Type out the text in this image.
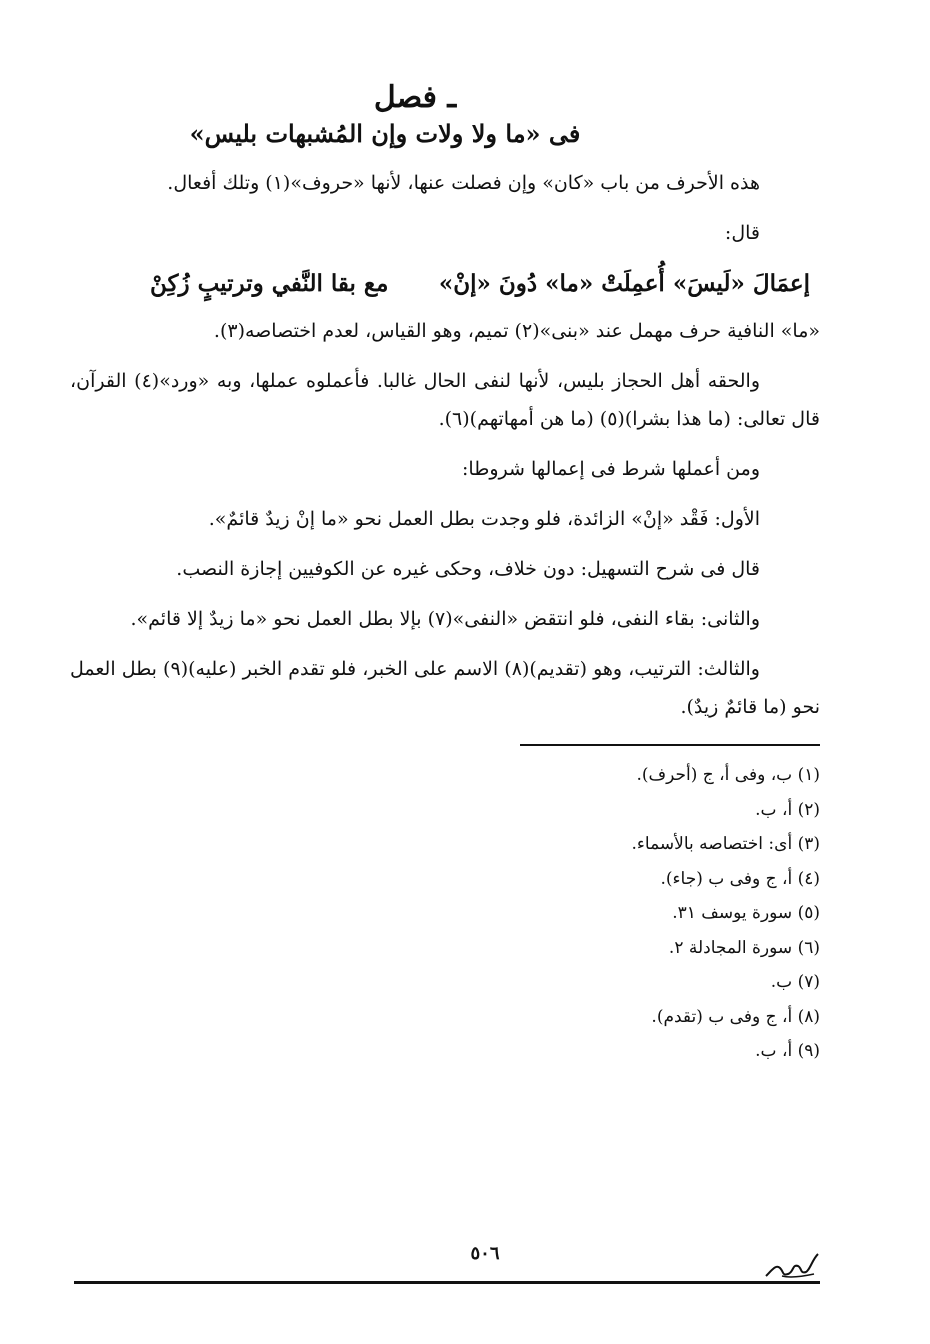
ـ فصل
فى «ما ولا ولات وإن المُشبهات بليس»

هذه الأحرف من باب «كان» وإن فصلت عنها، لأنها «حروف»(١) وتلك أفعال.

قال:

إعمَالَ «لَيسَ» أُعمِلَتْ «ما» دُونَ «إنْ»
مع بقا النَّفي وترتيبٍ زُكِنْ

«ما» النافية حرف مهمل عند «بنى»(٢) تميم، وهو القياس، لعدم اختصاصه(٣).

والحقه أهل الحجاز بليس، لأنها لنفى الحال غالبا. فأعملوه عملها، وبه «ورد»(٤) القرآن، قال تعالى: (ما هذا بشرا)(٥) (ما هن أمهاتهم)(٦).

ومن أعملها شرط فى إعمالها شروطا:

الأول: فَقْد «إنْ» الزائدة، فلو وجدت بطل العمل نحو «ما إنْ زيدٌ قائمٌ».

قال فى شرح التسهيل: دون خلاف، وحكى غيره عن الكوفيين إجازة النصب.

والثانى: بقاء النفى، فلو انتقض «النفى»(٧) بإلا بطل العمل نحو «ما زيدٌ إلا قائم».

والثالث: الترتيب، وهو (تقديم)(٨) الاسم على الخبر، فلو تقدم الخبر (عليه)(٩) بطل العمل نحو (ما قائمٌ زيدٌ).

(١) ب، وفى أ، ج (أحرف).
(٢) أ، ب.
(٣) أى: اختصاصه بالأسماء.
(٤) أ، ج وفى ب (جاء).
(٥) سورة يوسف ٣١.
(٦) سورة المجادلة ٢.
(٧) ب.
(٨) أ، ج وفى ب (تقدم).
(٩) أ، ب.
٥٠٦
